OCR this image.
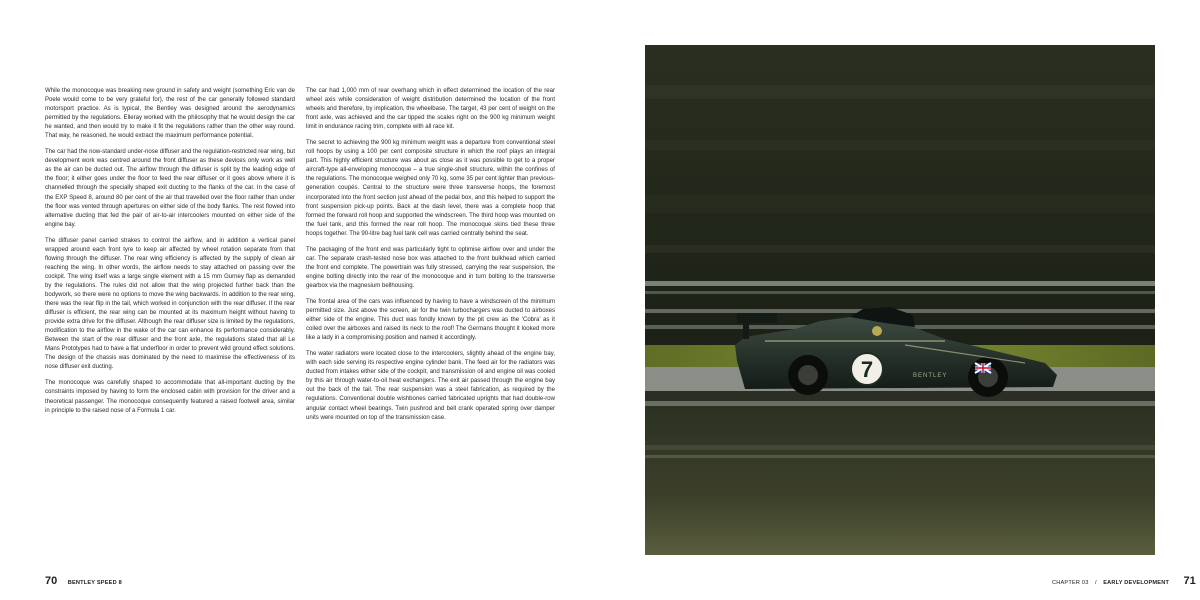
While the monocoque was breaking new ground in safety and weight (something Eric van de Poele would come to be very grateful for), the rest of the car generally followed standard motorsport practice. As is typical, the Bentley was designed around the aerodynamics permitted by the regulations. Elleray worked with the philosophy that he would design the car he wanted, and then would try to make it fit the regulations rather than the other way round. That way, he reasoned, he would extract the maximum performance potential.

The car had the now-standard under-nose diffuser and the regulation-restricted rear wing, but development work was centred around the front diffuser as these devices only work as well as the air can be ducted out. The airflow through the diffuser is split by the leading edge of the floor; it either goes under the floor to feed the rear diffuser or it goes above where it is channelled through the specially shaped exit ducting to the flanks of the car. In the case of the EXP Speed 8, around 80 per cent of the air that travelled over the floor rather than under the floor was vented through apertures on either side of the body flanks. The rest flowed into alternative ducting that fed the pair of air-to-air intercoolers mounted on either side of the engine bay.

The diffuser panel carried strakes to control the airflow, and in addition a vertical panel wrapped around each front tyre to keep air affected by wheel rotation separate from that flowing through the diffuser. The rear wing efficiency is affected by the supply of clean air reaching the wing. In other words, the airflow needs to stay attached on passing over the cockpit. The wing itself was a large single element with a 15 mm Gurney flap as demanded by the regulations. The rules did not allow that the wing projected further back than the bodywork, so there were no options to move the wing backwards. In addition to the rear wing, there was the rear flip in the tail, which worked in conjunction with the rear diffuser. If the rear diffuser is efficient, the rear wing can be mounted at its maximum height without having to provide extra drive for the diffuser. Although the rear diffuser size is limited by the regulations, modification to the airflow in the wake of the car can enhance its performance considerably. Between the start of the rear diffuser and the front axle, the regulations stated that all Le Mans Prototypes had to have a flat underfloor in order to prevent wild ground effect solutions. The design of the chassis was dominated by the need to maximise the effectiveness of its nose diffuser exit ducting.

The monocoque was carefully shaped to accommodate that all-important ducting by the constraints imposed by having to form the enclosed cabin with provision for the driver and a theoretical passenger. The monocoque consequently featured a raised footwell area, similar in principle to the raised nose of a Formula 1 car.

The car had 1,000 mm of rear overhang which in effect determined the location of the rear wheel axis while consideration of weight distribution determined the location of the front wheels and therefore, by implication, the wheelbase. The target, 43 per cent of weight on the front axle, was achieved and the car tipped the scales right on the 900 kg minimum weight limit in endurance racing trim, complete with all race kit.

The secret to achieving the 900 kg minimum weight was a departure from conventional steel roll hoops by using a 100 per cent composite structure in which the roof plays an integral part. This highly efficient structure was about as close as it was possible to get to a proper aircraft-type all-enveloping monocoque – a true single-shell structure, within the confines of the regulations. The monocoque weighed only 70 kg, some 35 per cent lighter than previous-generation coupés. Central to the structure were three transverse hoops, the foremost incorporated into the front section just ahead of the pedal box, and this helped to support the front suspension pick-up points. Back at the dash level, there was a complete hoop that formed the forward roll hoop and supported the windscreen. The third hoop was mounted on the fuel tank, and this formed the rear roll hoop. The monocoque skins tied these three hoops together. The 90-litre bag fuel tank cell was carried centrally behind the seat.

The packaging of the front end was particularly tight to optimise airflow over and under the car. The separate crash-tested nose box was attached to the front bulkhead which carried the front end complete. The powertrain was fully stressed, carrying the rear suspension, the engine bolting directly into the rear of the monocoque and in turn bolting to the transverse gearbox via the magnesium bellhousing.

The frontal area of the cars was influenced by having to have a windscreen of the minimum permitted size. Just above the screen, air for the twin turbochargers was ducted to airboxes either side of the engine. This duct was fondly known by the pit crew as the ‘Cobra’ as it coiled over the airboxes and raised its neck to the roof! The Germans thought it looked more like a lady in a compromising position and named it accordingly.

The water radiators were located close to the intercoolers, slightly ahead of the engine bay, with each side serving its respective engine cylinder bank. The feed air for the radiators was ducted from intakes either side of the cockpit, and transmission oil and engine oil was cooled by this air through water-to-oil heat exchangers. The exit air passed through the engine bay out the back of the tail. The rear suspension was a steel fabrication, as required by the regulations. Conventional double wishbones carried fabricated uprights that had double-row angular contact wheel bearings. Twin pushrod and bell crank operated spring over damper units were mounted on top of the transmission case.

70 BENTLEY SPEED 8	CHAPTER 03 / EARLY DEVELOPMENT 71
7	BENTLEY
